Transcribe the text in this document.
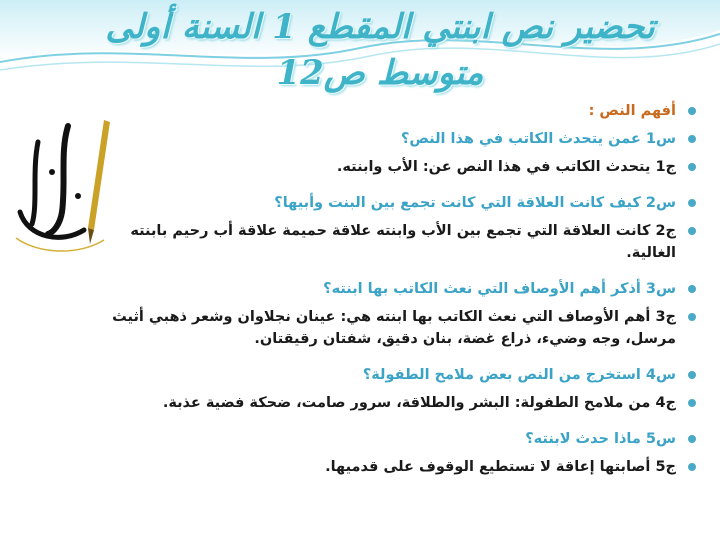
تحضير نص ابنتي المقطع 1 السنة أولى
متوسط ص12

أفهم النص :

س1 عمن يتحدث الكاتب في هذا النص؟

ج1 يتحدث الكاتب في هذا النص عن: الأب وابنته.

س2 كيف كانت العلاقة التي كانت تجمع بين البنت وأبيها؟

ج2 كانت العلاقة التي تجمع بين الأب وابنته علاقة حميمة علاقة أب رحيم بابنته الغالية.

س3 أذكر أهم الأوصاف التي نعث الكاتب بها ابنته؟

ج3 أهم الأوصاف التي نعث الكاتب بها ابنته هي: عينان نجلاوان وشعر ذهبي أثيث مرسل، وجه وضيء، ذراع غضة، بنان دقيق، شفتان رقيقتان.

س4 استخرج من النص بعض ملامح الطفولة؟

ج4 من ملامح الطفولة: البشر والطلاقة، سرور صامت، ضحكة فضية عذبة.

س5 ماذا حدث لابنته؟

ج5 أصابتها إعاقة لا تستطيع الوقوف على قدميها.
